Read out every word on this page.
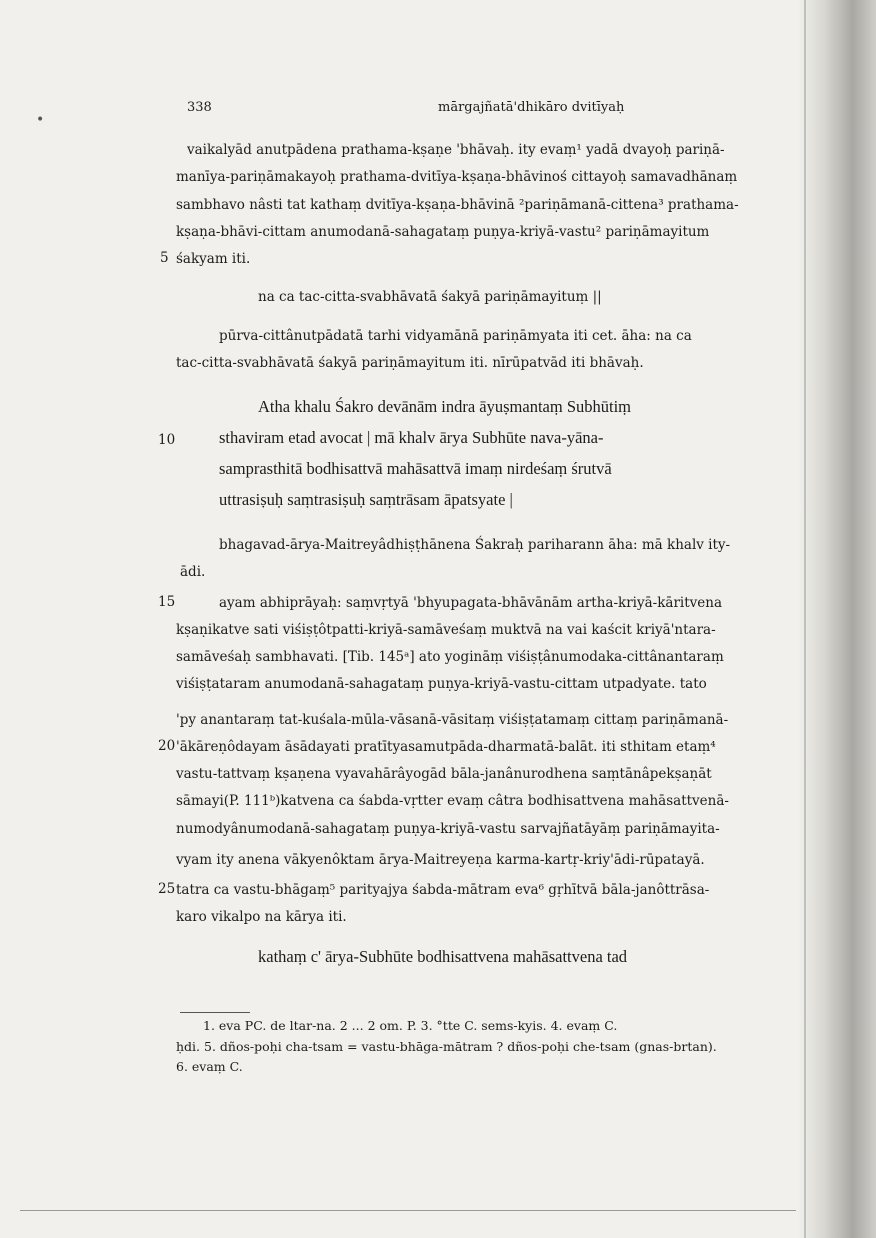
•
338	mārgajñatā'dhikāro dvitīyaḥ
5
10
15
20
25
vaikalyād anutpādena prathama-kṣaṇe 'bhāvaḥ. ity evaṃ¹ yadā dvayoḥ pariṇā-
manīya-pariṇāmakayoḥ prathama-dvitīya-kṣaṇa-bhāvinoś cittayoḥ samavadhānaṃ
sambhavo nâsti tat kathaṃ dvitīya-kṣaṇa-bhāvinā ²pariṇāmanā-cittena³ prathama-
kṣaṇa-bhāvi-cittam anumodanā-sahagataṃ puṇya-kriyā-vastu² pariṇāmayitum
śakyam iti.
na ca tac-citta-svabhāvatā śakyā pariṇāmayituṃ ||
pūrva-cittânutpādatā tarhi vidyamānā pariṇāmyata iti cet. āha: na ca
tac-citta-svabhāvatā śakyā pariṇāmayitum iti. nīrūpatvād iti bhāvaḥ.
Atha khalu Śakro devānām indra āyuṣmantaṃ Subhūtiṃ
sthaviram etad avocat | mā khalv ārya Subhūte nava-yāna-
samprasthitā bodhisattvā mahāsattvā imaṃ nirdeśaṃ śrutvā
uttrasiṣuḥ saṃtrasiṣuḥ saṃtrāsam āpatsyate |
bhagavad-ārya-Maitreyâdhiṣṭhānena Śakraḥ pariharann āha: mā khalv ity-
ādi.
ayam abhiprāyaḥ: saṃvṛtyā 'bhyupagata-bhāvānām artha-kriyā-kāritvena
kṣaṇikatve sati viśiṣṭôtpatti-kriyā-samāveśaṃ muktvā na vai kaścit kriyā'ntara-
samāveśaḥ sambhavati. [Tib. 145ᵃ] ato yogināṃ viśiṣṭânumodaka-cittânantaraṃ
viśiṣṭataram anumodanā-sahagataṃ puṇya-kriyā-vastu-cittam utpadyate. tato
'py anantaraṃ tat-kuśala-mūla-vāsanā-vāsitaṃ viśiṣṭatamaṃ cittaṃ pariṇāmanā-
'ākāreṇôdayam āsādayati pratītyasamutpāda-dharmatā-balāt. iti sthitam etaṃ⁴
vastu-tattvaṃ kṣaṇena vyavahārâyogād bāla-janânurodhena saṃtānâpekṣaṇāt
sāmayi(P. 111ᵇ)katvena ca śabda-vṛtter evaṃ câtra bodhisattvena mahāsattvenā-
numodyânumodanā-sahagataṃ puṇya-kriyā-vastu sarvajñatāyāṃ pariṇāmayita-
vyam ity anena vākyenôktam ārya-Maitreyeṇa karma-kartṛ-kriy'ādi-rūpatayā.
tatra ca vastu-bhāgaṃ⁵ parityajya śabda-mātram eva⁶ gṛhītvā bāla-janôttrāsa-
karo vikalpo na kārya iti.
kathaṃ c' ārya-Subhūte bodhisattvena mahāsattvena tad
1. eva PC. de ltar-na. 2 ... 2 om. P. 3. °tte C. sems-kyis. 4. evaṃ C.
ḥdi. 5. dños-poḥi cha-tsam = vastu-bhāga-mātram ? dños-poḥi che-tsam (gnas-brtan).
6. evaṃ C.
